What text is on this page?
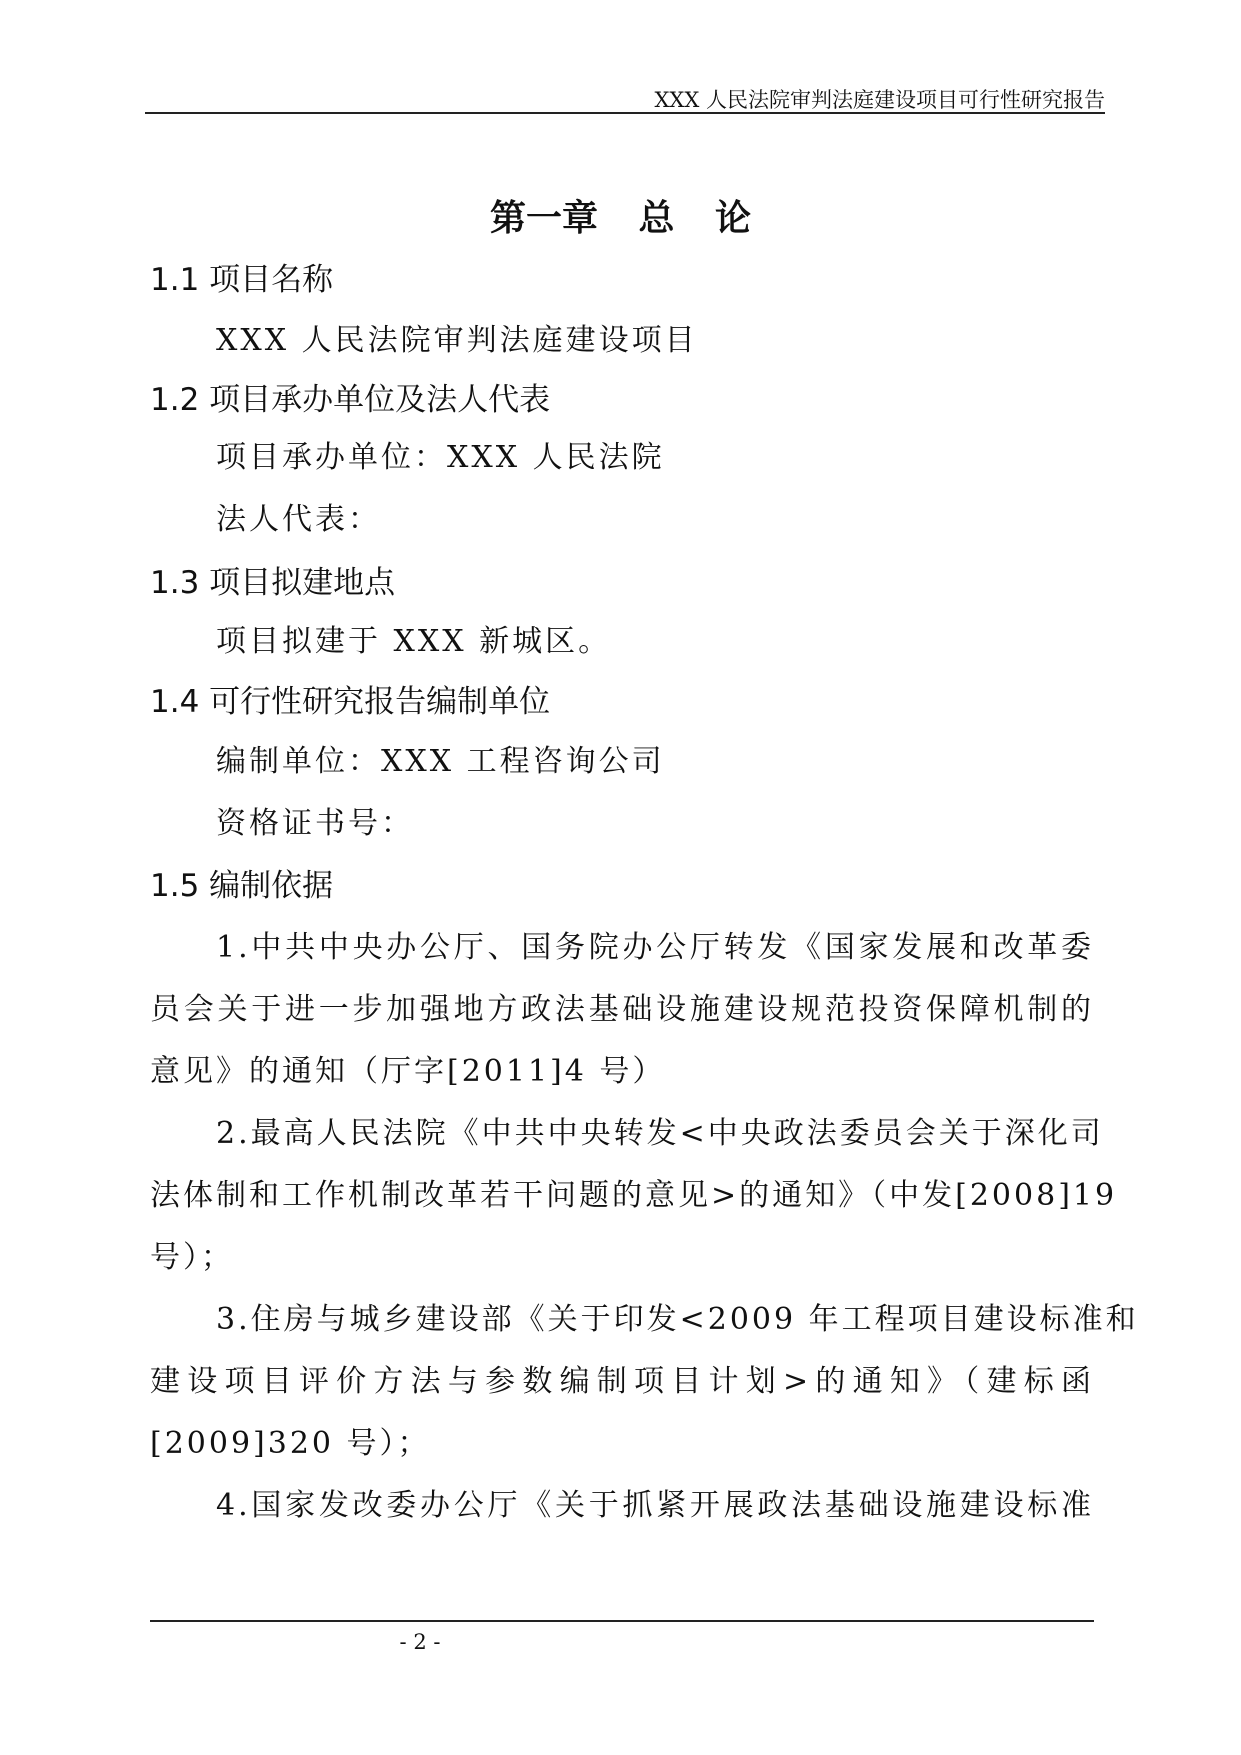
XXX 人民法院审判法庭建设项目可行性研究报告
第一章 总 论
1.1 项目名称
XXX 人民法院审判法庭建设项目
1.2 项目承办单位及法人代表
项目承办单位：XXX 人民法院
法人代表：
1.3 项目拟建地点
项目拟建于 XXX 新城区。
1.4 可行性研究报告编制单位
编制单位：XXX 工程咨询公司
资格证书号：
1.5 编制依据
1.中共中央办公厅、国务院办公厅转发《国家发展和改革委
员会关于进一步加强地方政法基础设施建设规范投资保障机制的
意见》的通知（厅字[2011]4 号）
2.最高人民法院《中共中央转发<中央政法委员会关于深化司
法体制和工作机制改革若干问题的意见>的通知》（中发[2008]19
号）；
3.住房与城乡建设部《关于印发<2009 年工程项目建设标准和
建设项目评价方法与参数编制项目计划>的通知》（建标函
[2009]320 号）；
4.国家发改委办公厅《关于抓紧开展政法基础设施建设标准
- 2 -
